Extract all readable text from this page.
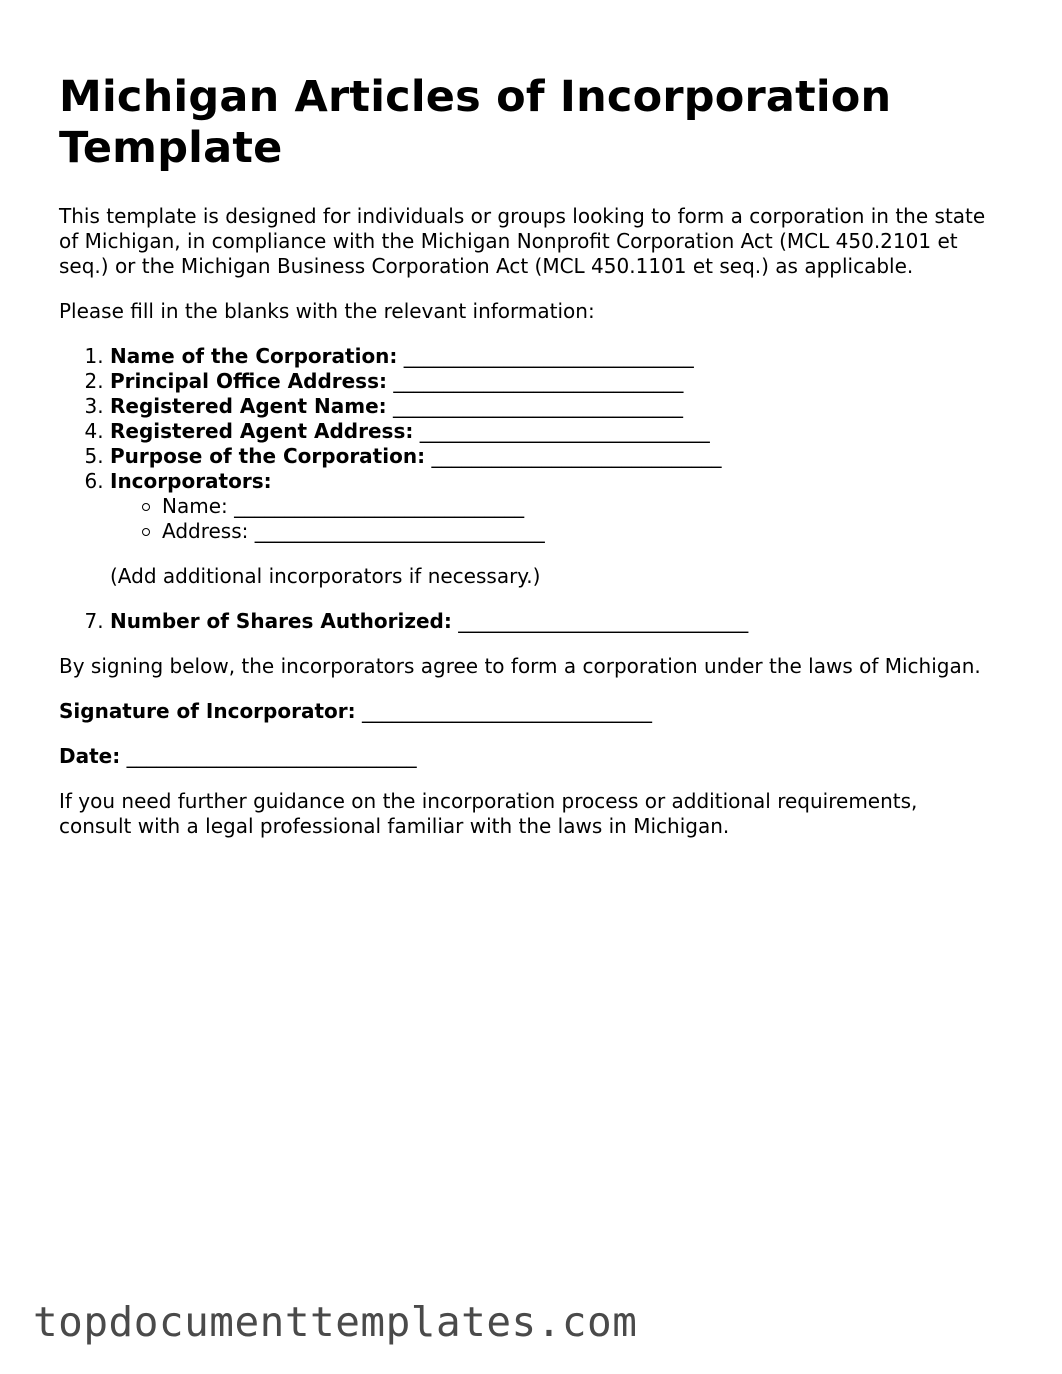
Michigan Articles of Incorporation Template

This template is designed for individuals or groups looking to form a corporation in the state of Michigan, in compliance with the Michigan Nonprofit Corporation Act (MCL 450.2101 et seq.) or the Michigan Business Corporation Act (MCL 450.1101 et seq.) as applicable.

Please fill in the blanks with the relevant information:

1. Name of the Corporation: _____________________________
2. Principal Office Address: _____________________________
3. Registered Agent Name: _____________________________
4. Registered Agent Address: _____________________________
5. Purpose of the Corporation: _____________________________
6. Incorporators:
Name: _____________________________
Address: _____________________________

(Add additional incorporators if necessary.)

7. Number of Shares Authorized: _____________________________

By signing below, the incorporators agree to form a corporation under the laws of Michigan.

Signature of Incorporator: _____________________________

Date: _____________________________

If you need further guidance on the incorporation process or additional requirements, consult with a legal professional familiar with the laws in Michigan.

topdocumenttemplates.com
